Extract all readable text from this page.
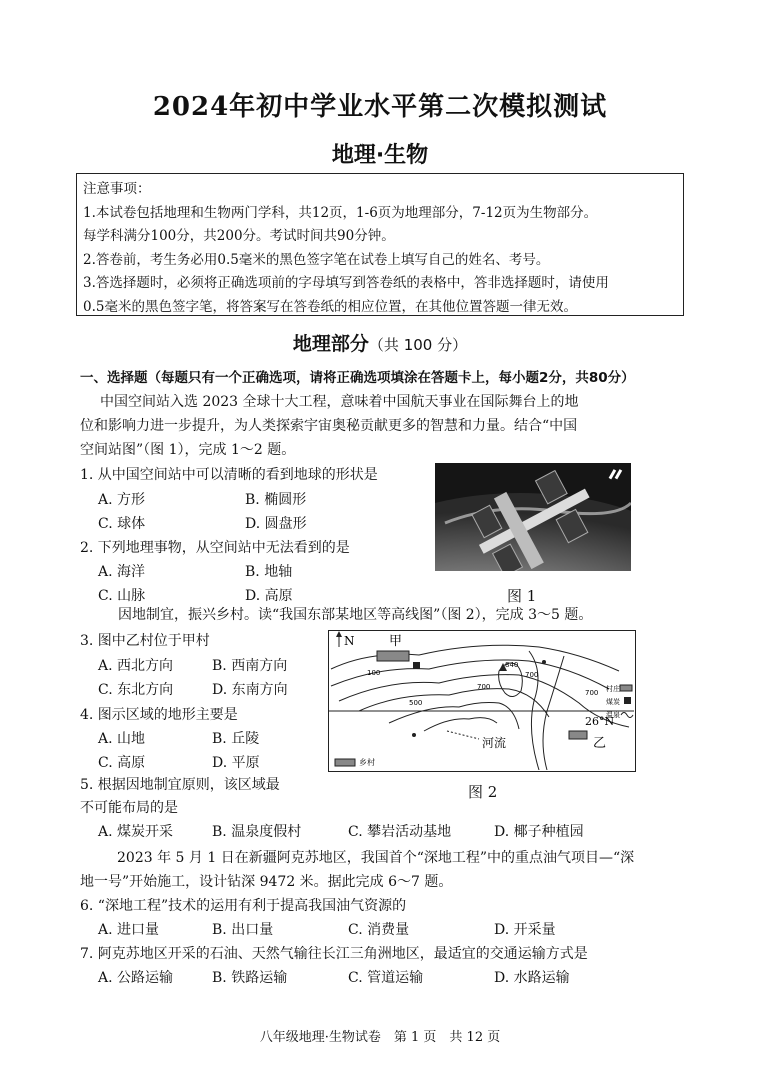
2024年初中学业水平第二次模拟测试
地理·生物
注意事项：
1.本试卷包括地理和生物两门学科，共12页，1-6页为地理部分，7-12页为生物部分。
每学科满分100分，共200分。考试时间共90分钟。
2.答卷前，考生务必用0.5毫米的黑色签字笔在试卷上填写自己的姓名、考号。
3.答选择题时，必须将正确选项前的字母填写到答卷纸的表格中，答非选择题时，请使用
0.5毫米的黑色签字笔，将答案写在答卷纸的相应位置，在其他位置答题一律无效。
地理部分（共 100 分）
一、选择题（每题只有一个正确选项，请将正确选项填涂在答题卡上，每小题2分，共80分）
中国空间站入选 2023 全球十大工程，意味着中国航天事业在国际舞台上的地
位和影响力进一步提升，为人类探索宇宙奥秘贡献更多的智慧和力量。结合“中国
空间站图”（图 1），完成 1～2 题。
1. 从中国空间站中可以清晰的看到地球的形状是
A. 方形	B. 椭圆形
C. 球体	D. 圆盘形
2. 下列地理事物，从空间站中无法看到的是
A. 海洋	B. 地轴
C. 山脉	D. 高原	图 1
因地制宜，振兴乡村。读“我国东部某地区等高线图”（图 2），完成 3～5 题。
3. 图中乙村位于甲村
A. 西北方向	B. 西南方向
C. 东北方向	D. 东南方向
4. 图示区域的地形主要是
A. 山地	B. 丘陵
C. 高原	D. 平原
5. 根据因地制宜原则，该区域最
不可能布局的是
A. 煤炭开采	B. 温泉度假村	C. 攀岩活动基地	D. 椰子种植园
N	甲
乙
26°N
河流
100
500
700
840
700
700
乡村
村庄
煤炭
温泉
图 2
2023 年 5 月 1 日在新疆阿克苏地区，我国首个“深地工程”中的重点油气项目—“深
地一号”开始施工，设计钻深 9472 米。据此完成 6～7 题。
6. “深地工程”技术的运用有利于提高我国油气资源的
A. 进口量	B. 出口量	C. 消费量	D. 开采量
7. 阿克苏地区开采的石油、天然气输往长江三角洲地区，最适宜的交通运输方式是
A. 公路运输	B. 铁路运输	C. 管道运输	D. 水路运输
八年级地理·生物试卷　第 1 页　共 12 页
